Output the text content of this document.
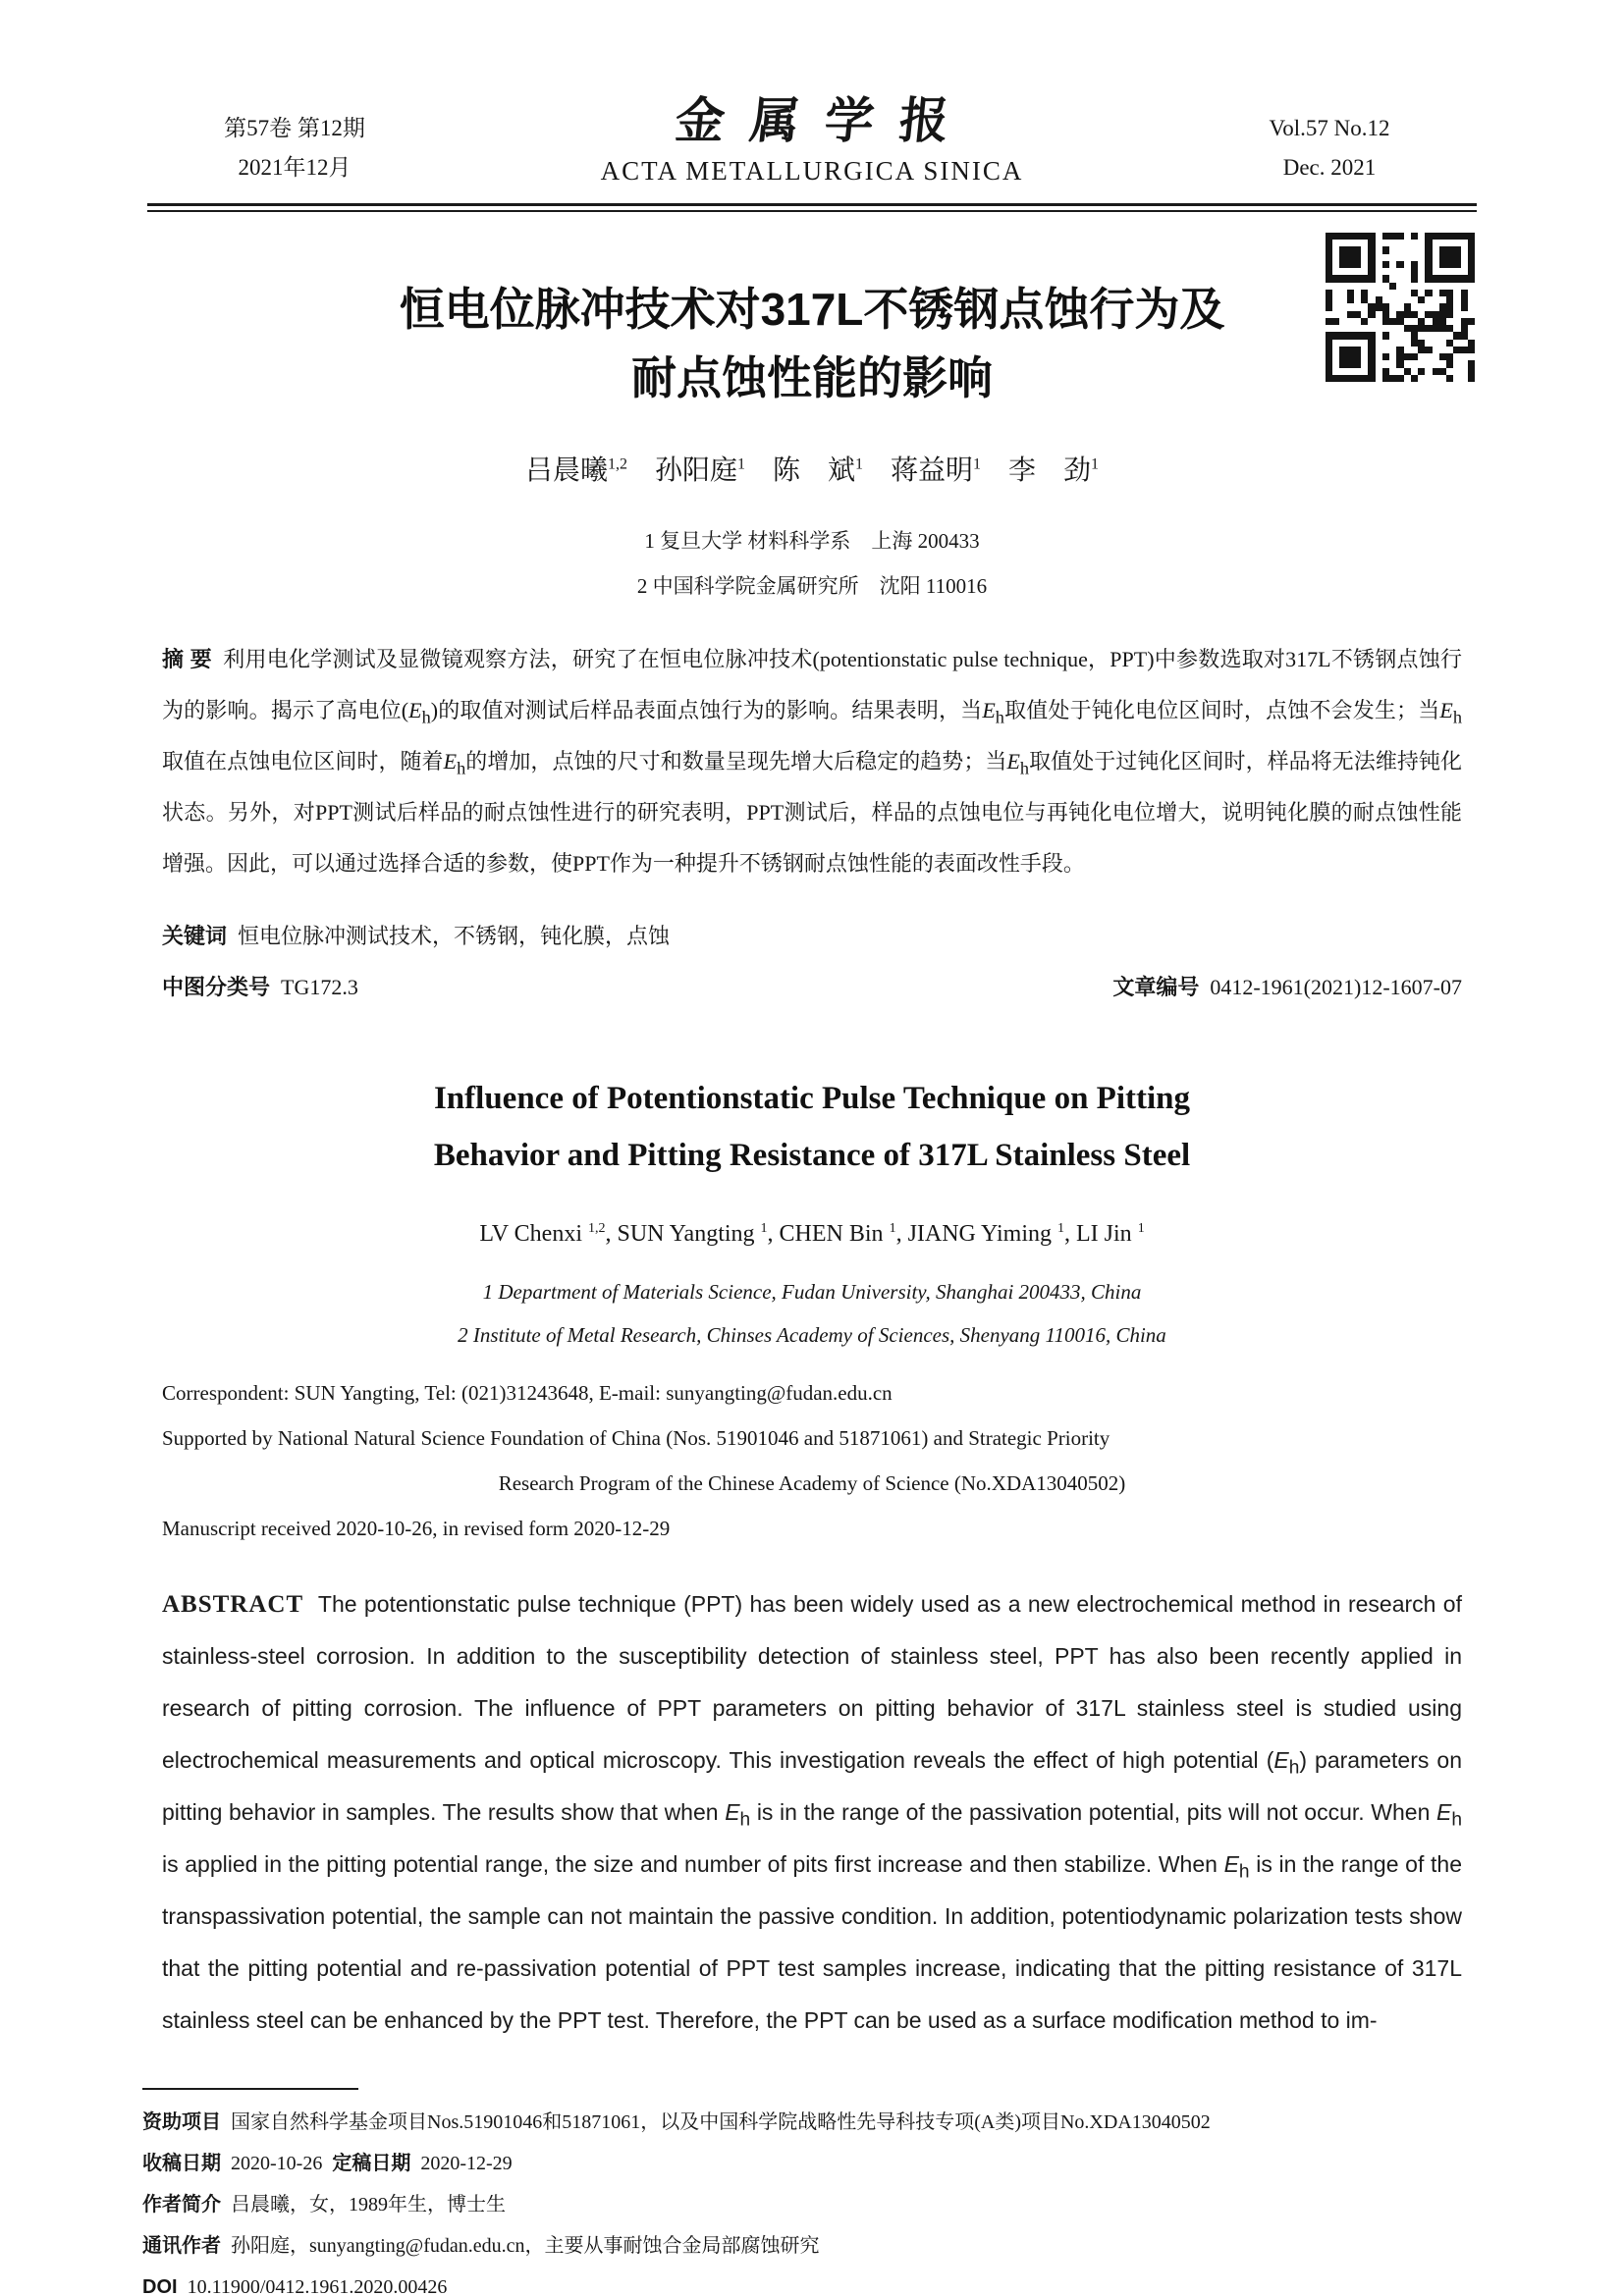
第57卷 第12期
2021年12月
金属学报
ACTA METALLURGICA SINICA
Vol.57 No.12
Dec. 2021
恒电位脉冲技术对317L不锈钢点蚀行为及
耐点蚀性能的影响
吕晨曦$^{1,2}$　孙阳庭$^1$　陈　斌$^1$　蒋益明$^1$　李　劲$^1$
1 复旦大学 材料科学系　上海 200433
2 中国科学院金属研究所　沈阳 110016

摘 要 利用电化学测试及显微镜观察方法，研究了在恒电位脉冲技术(potentionstatic pulse technique，PPT)中参数选取对317L不锈钢点蚀行为的影响。揭示了高电位$(E_h)$的取值对测试后样品表面点蚀行为的影响。结果表明，当$E_h$取值处于钝化电位区间时，点蚀不会发生；当$E_h$取值在点蚀电位区间时，随着$E_h$的增加，点蚀的尺寸和数量呈现先增大后稳定的趋势；当$E_h$取值处于过钝化区间时，样品将无法维持钝化状态。另外，对PPT测试后样品的耐点蚀性进行的研究表明，PPT测试后，样品的点蚀电位与再钝化电位增大，说明钝化膜的耐点蚀性能增强。因此，可以通过选择合适的参数，使PPT作为一种提升不锈钢耐点蚀性能的表面改性手段。

关键词 恒电位脉冲测试技术，不锈钢，钝化膜，点蚀
中图分类号 TG172.3	文章编号 0412-1961(2021)12-1607-07
Influence of Potentionstatic Pulse Technique on Pitting
Behavior and Pitting Resistance of 317L Stainless Steel
LV Chenxi $^{1,2}$, SUN Yangting $^1$, CHEN Bin $^1$, JIANG Yiming $^1$, LI Jin $^1$
1 Department of Materials Science, Fudan University, Shanghai 200433, China
2 Institute of Metal Research, Chinses Academy of Sciences, Shenyang 110016, China
Correspondent: SUN Yangting, Tel: (021)31243648, E-mail: sunyangting@fudan.edu.cn
Supported by National Natural Science Foundation of China (Nos. 51901046 and 51871061) and Strategic Priority
Research Program of the Chinese Academy of Science (No.XDA13040502)
Manuscript received 2020-10-26, in revised form 2020-12-29

ABSTRACT The potentionstatic pulse technique (PPT) has been widely used as a new electrochemical method in research of stainless-steel corrosion. In addition to the susceptibility detection of stainless steel, PPT has also been recently applied in research of pitting corrosion. The influence of PPT parameters on pitting behavior of 317L stainless steel is studied using electrochemical measurements and optical microscopy. This investigation reveals the effect of high potential $(E_h)$ parameters on pitting behavior in samples. The results show that when $E_h$ is in the range of the passivation potential, pits will not occur. When $E_h$ is applied in the pitting potential range, the size and number of pits first increase and then stabilize. When $E_h$ is in the range of the transpassivation potential, the sample can not maintain the passive condition. In addition, potentiodynamic polarization tests show that the pitting potential and re-passivation potential of PPT test samples increase, indicating that the pitting resistance of 317L stainless steel can be enhanced by the PPT test. Therefore, the PPT can be used as a surface modification method to im-

资助项目 国家自然科学基金项目Nos.51901046和51871061，以及中国科学院战略性先导科技专项(A类)项目No.XDA13040502
收稿日期 2020-10-26 定稿日期 2020-12-29
作者简介 吕晨曦，女，1989年生，博士生
通讯作者 孙阳庭，sunyangting@fudan.edu.cn，主要从事耐蚀合金局部腐蚀研究
DOI 10.11900/0412.1961.2020.00426
